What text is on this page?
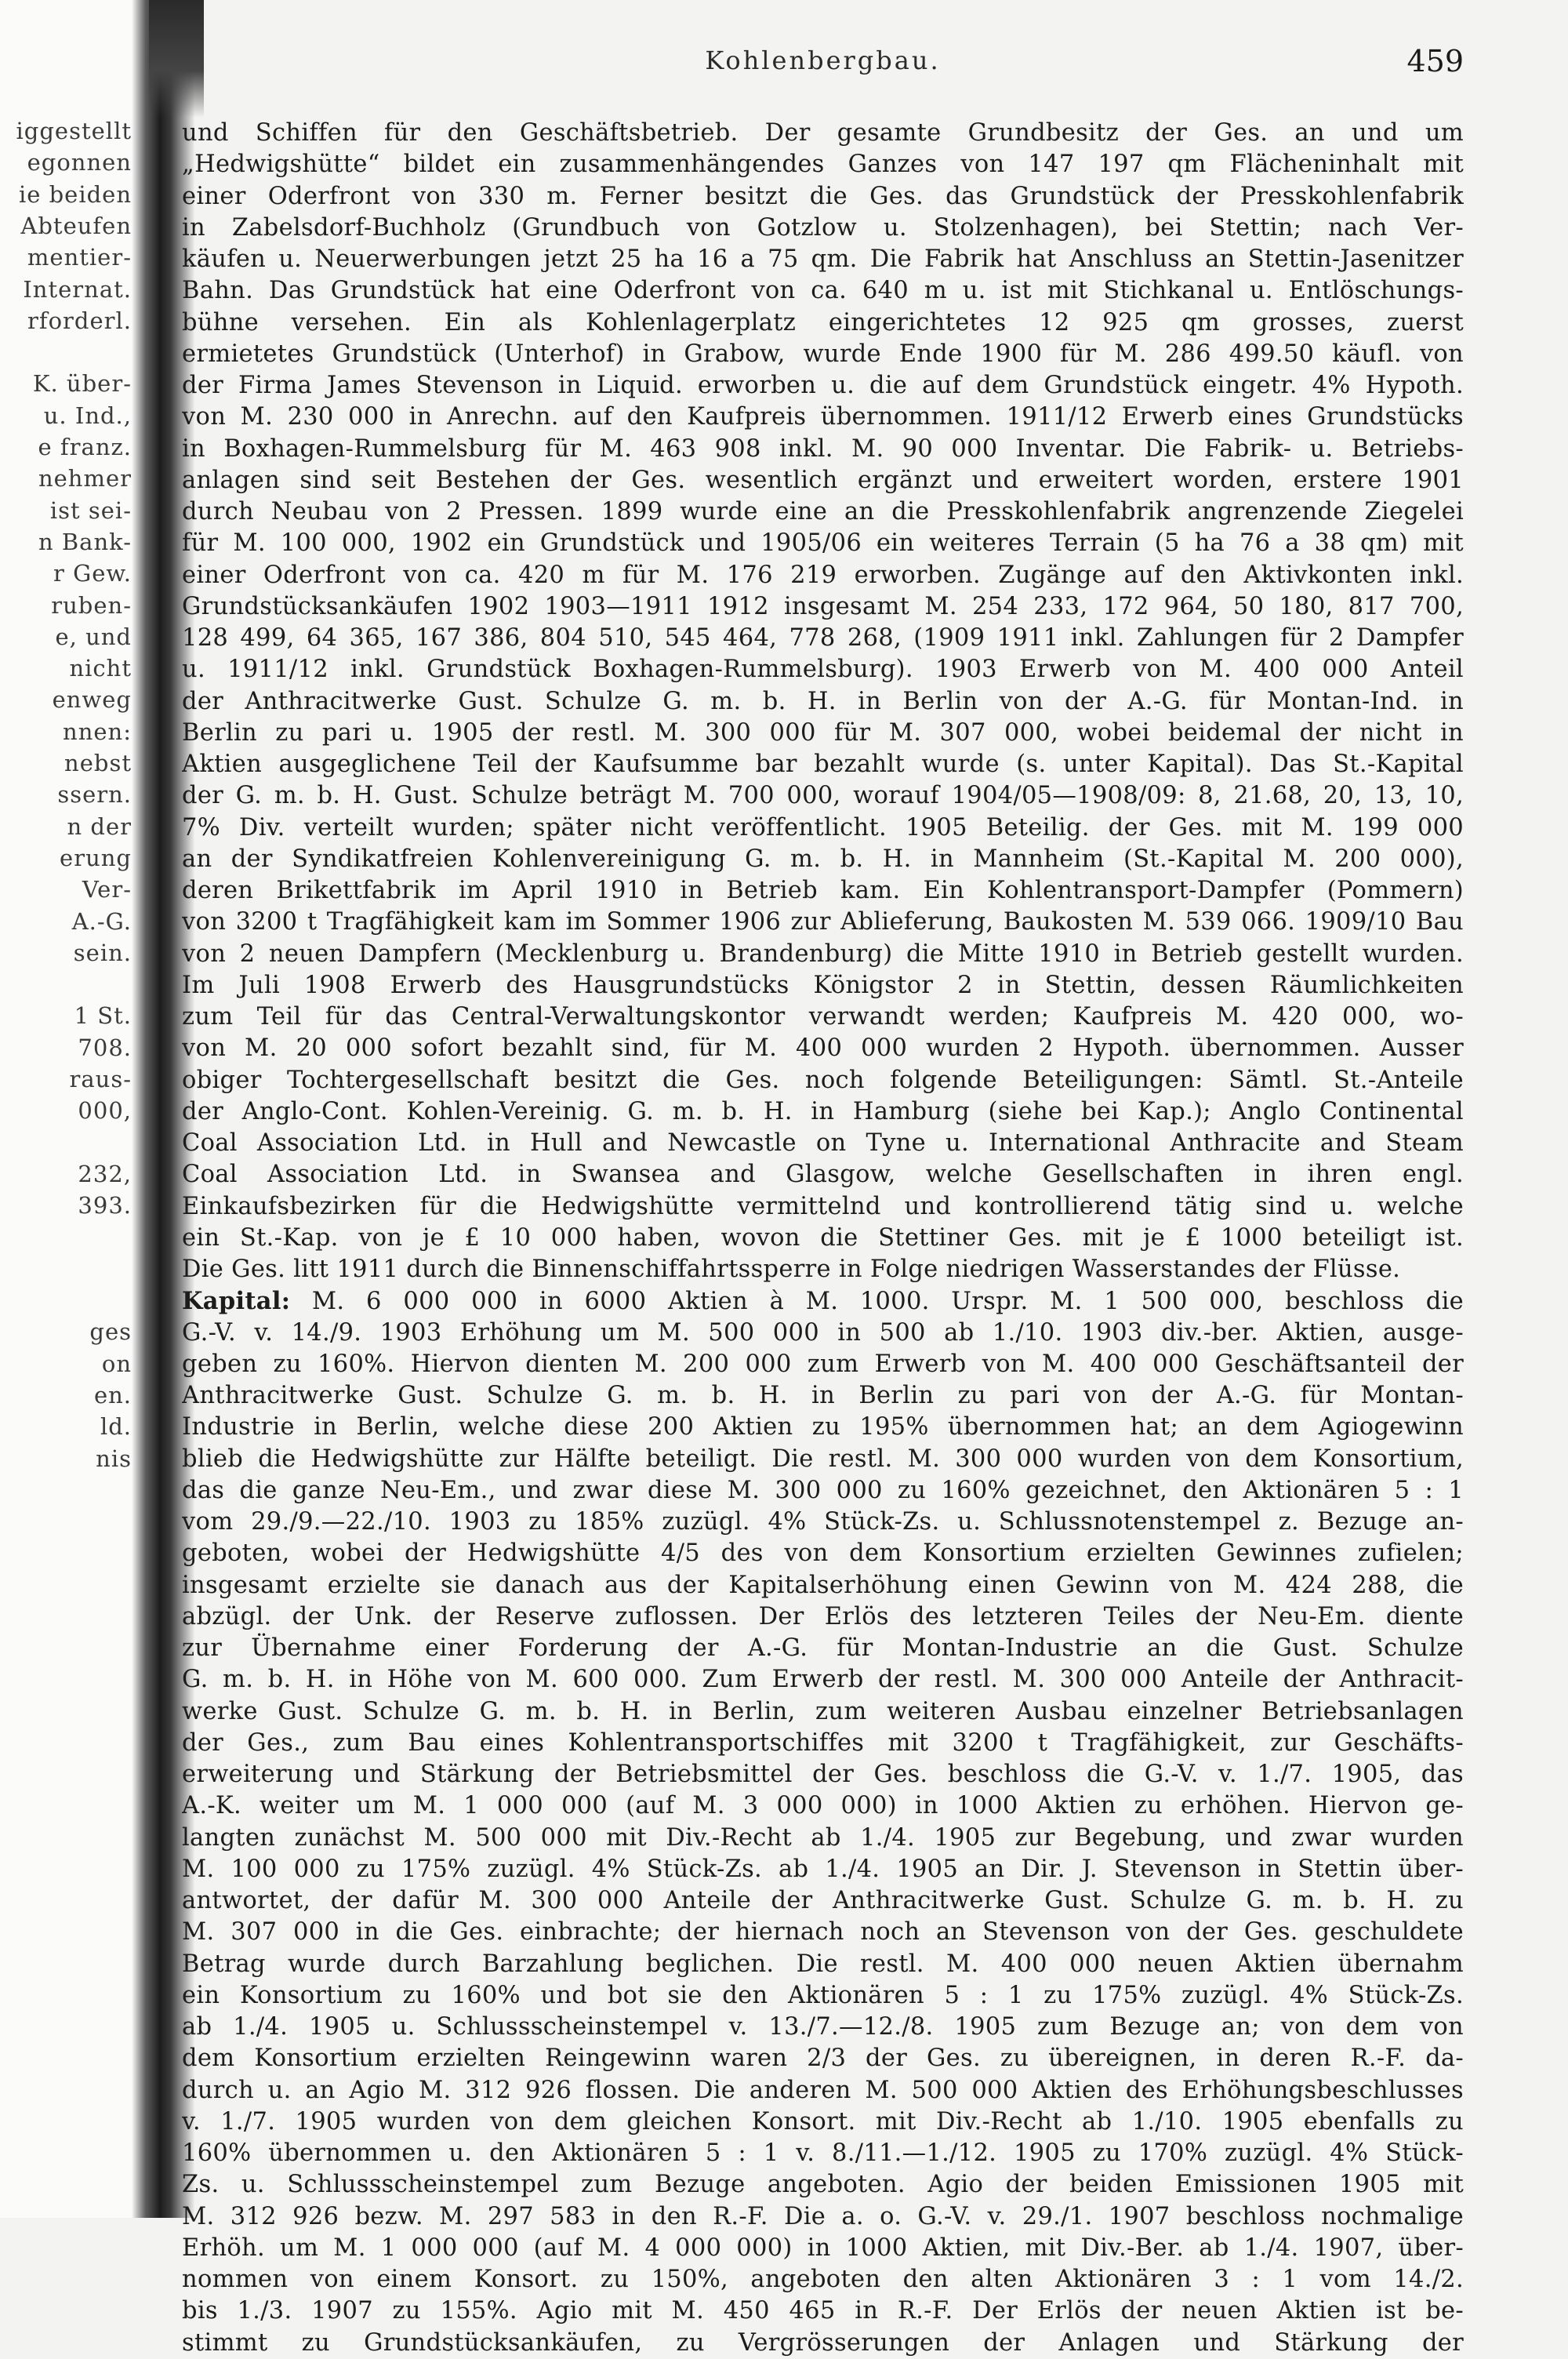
iggestellt
egonnen
ie beiden
Abteufen
mentier-
Internat.
rforderl.
K. über-
u. Ind.,
e franz.
nehmer
ist sei-
n Bank-
r Gew.
ruben-
e, und
nicht
enweg
nnen:
nebst
ssern.
n der
erung
Ver-
A.-G.
sein.
1 St.
708.
raus-
000,
232,
393.
ges
on
en.
ld.
nis
Kohlenbergbau.	459
und Schiffen für den Geschäftsbetrieb. Der gesamte Grundbesitz der Ges. an und um
„Hedwigshütte“ bildet ein zusammenhängendes Ganzes von 147 197 qm Flächeninhalt mit
einer Oderfront von 330 m. Ferner besitzt die Ges. das Grundstück der Presskohlenfabrik
in Zabelsdorf-Buchholz (Grundbuch von Gotzlow u. Stolzenhagen), bei Stettin; nach Ver-
käufen u. Neuerwerbungen jetzt 25 ha 16 a 75 qm. Die Fabrik hat Anschluss an Stettin-Jasenitzer
Bahn. Das Grundstück hat eine Oderfront von ca. 640 m u. ist mit Stichkanal u. Entlöschungs-
bühne versehen. Ein als Kohlenlagerplatz eingerichtetes 12 925 qm grosses, zuerst
ermietetes Grundstück (Unterhof) in Grabow, wurde Ende 1900 für M. 286 499.50 käufl. von
der Firma James Stevenson in Liquid. erworben u. die auf dem Grundstück eingetr. 4% Hypoth.
von M. 230 000 in Anrechn. auf den Kaufpreis übernommen. 1911/12 Erwerb eines Grundstücks
in Boxhagen-Rummelsburg für M. 463 908 inkl. M. 90 000 Inventar. Die Fabrik- u. Betriebs-
anlagen sind seit Bestehen der Ges. wesentlich ergänzt und erweitert worden, erstere 1901
durch Neubau von 2 Pressen. 1899 wurde eine an die Presskohlenfabrik angrenzende Ziegelei
für M. 100 000, 1902 ein Grundstück und 1905/06 ein weiteres Terrain (5 ha 76 a 38 qm) mit
einer Oderfront von ca. 420 m für M. 176 219 erworben. Zugänge auf den Aktivkonten inkl.
Grundstücksankäufen 1902 1903—1911 1912 insgesamt M. 254 233, 172 964, 50 180, 817 700,
128 499, 64 365, 167 386, 804 510, 545 464, 778 268, (1909 1911 inkl. Zahlungen für 2 Dampfer
u. 1911/12 inkl. Grundstück Boxhagen-Rummelsburg). 1903 Erwerb von M. 400 000 Anteil
der Anthracitwerke Gust. Schulze G. m. b. H. in Berlin von der A.-G. für Montan-Ind. in
Berlin zu pari u. 1905 der restl. M. 300 000 für M. 307 000, wobei beidemal der nicht in
Aktien ausgeglichene Teil der Kaufsumme bar bezahlt wurde (s. unter Kapital). Das St.-Kapital
der G. m. b. H. Gust. Schulze beträgt M. 700 000, worauf 1904/05—1908/09: 8, 21.68, 20, 13, 10,
7% Div. verteilt wurden; später nicht veröffentlicht. 1905 Beteilig. der Ges. mit M. 199 000
an der Syndikatfreien Kohlenvereinigung G. m. b. H. in Mannheim (St.-Kapital M. 200 000),
deren Brikettfabrik im April 1910 in Betrieb kam. Ein Kohlentransport-Dampfer (Pommern)
von 3200 t Tragfähigkeit kam im Sommer 1906 zur Ablieferung, Baukosten M. 539 066. 1909/10 Bau
von 2 neuen Dampfern (Mecklenburg u. Brandenburg) die Mitte 1910 in Betrieb gestellt wurden.
Im Juli 1908 Erwerb des Hausgrundstücks Königstor 2 in Stettin, dessen Räumlichkeiten
zum Teil für das Central-Verwaltungskontor verwandt werden; Kaufpreis M. 420 000, wo-
von M. 20 000 sofort bezahlt sind, für M. 400 000 wurden 2 Hypoth. übernommen. Ausser
obiger Tochtergesellschaft besitzt die Ges. noch folgende Beteiligungen: Sämtl. St.-Anteile
der Anglo-Cont. Kohlen-Vereinig. G. m. b. H. in Hamburg (siehe bei Kap.); Anglo Continental
Coal Association Ltd. in Hull and Newcastle on Tyne u. International Anthracite and Steam
Coal Association Ltd. in Swansea and Glasgow, welche Gesellschaften in ihren engl.
Einkaufsbezirken für die Hedwigshütte vermittelnd und kontrollierend tätig sind u. welche
ein St.-Kap. von je £ 10 000 haben, wovon die Stettiner Ges. mit je £ 1000 beteiligt ist.
Die Ges. litt 1911 durch die Binnenschiffahrtssperre in Folge niedrigen Wasserstandes der Flüsse.
Kapital: M. 6 000 000 in 6000 Aktien à M. 1000. Urspr. M. 1 500 000, beschloss die
G.-V. v. 14./9. 1903 Erhöhung um M. 500 000 in 500 ab 1./10. 1903 div.-ber. Aktien, ausge-
geben zu 160%. Hiervon dienten M. 200 000 zum Erwerb von M. 400 000 Geschäftsanteil der
Anthracitwerke Gust. Schulze G. m. b. H. in Berlin zu pari von der A.-G. für Montan-
Industrie in Berlin, welche diese 200 Aktien zu 195% übernommen hat; an dem Agiogewinn
blieb die Hedwigshütte zur Hälfte beteiligt. Die restl. M. 300 000 wurden von dem Konsortium,
das die ganze Neu-Em., und zwar diese M. 300 000 zu 160% gezeichnet, den Aktionären 5 : 1
vom 29./9.—22./10. 1903 zu 185% zuzügl. 4% Stück-Zs. u. Schlussnotenstempel z. Bezuge an-
geboten, wobei der Hedwigshütte 4/5 des von dem Konsortium erzielten Gewinnes zufielen;
insgesamt erzielte sie danach aus der Kapitalserhöhung einen Gewinn von M. 424 288, die
abzügl. der Unk. der Reserve zuflossen. Der Erlös des letzteren Teiles der Neu-Em. diente
zur Übernahme einer Forderung der A.-G. für Montan-Industrie an die Gust. Schulze
G. m. b. H. in Höhe von M. 600 000. Zum Erwerb der restl. M. 300 000 Anteile der Anthracit-
werke Gust. Schulze G. m. b. H. in Berlin, zum weiteren Ausbau einzelner Betriebsanlagen
der Ges., zum Bau eines Kohlentransportschiffes mit 3200 t Tragfähigkeit, zur Geschäfts-
erweiterung und Stärkung der Betriebsmittel der Ges. beschloss die G.-V. v. 1./7. 1905, das
A.-K. weiter um M. 1 000 000 (auf M. 3 000 000) in 1000 Aktien zu erhöhen. Hiervon ge-
langten zunächst M. 500 000 mit Div.-Recht ab 1./4. 1905 zur Begebung, und zwar wurden
M. 100 000 zu 175% zuzügl. 4% Stück-Zs. ab 1./4. 1905 an Dir. J. Stevenson in Stettin über-
antwortet, der dafür M. 300 000 Anteile der Anthracitwerke Gust. Schulze G. m. b. H. zu
M. 307 000 in die Ges. einbrachte; der hiernach noch an Stevenson von der Ges. geschuldete
Betrag wurde durch Barzahlung beglichen. Die restl. M. 400 000 neuen Aktien übernahm
ein Konsortium zu 160% und bot sie den Aktionären 5 : 1 zu 175% zuzügl. 4% Stück-Zs.
ab 1./4. 1905 u. Schlussscheinstempel v. 13./7.—12./8. 1905 zum Bezuge an; von dem von
dem Konsortium erzielten Reingewinn waren 2/3 der Ges. zu übereignen, in deren R.-F. da-
durch u. an Agio M. 312 926 flossen. Die anderen M. 500 000 Aktien des Erhöhungsbeschlusses
v. 1./7. 1905 wurden von dem gleichen Konsort. mit Div.-Recht ab 1./10. 1905 ebenfalls zu
160% übernommen u. den Aktionären 5 : 1 v. 8./11.—1./12. 1905 zu 170% zuzügl. 4% Stück-
Zs. u. Schlussscheinstempel zum Bezuge angeboten. Agio der beiden Emissionen 1905 mit
M. 312 926 bezw. M. 297 583 in den R.-F. Die a. o. G.-V. v. 29./1. 1907 beschloss nochmalige
Erhöh. um M. 1 000 000 (auf M. 4 000 000) in 1000 Aktien, mit Div.-Ber. ab 1./4. 1907, über-
nommen von einem Konsort. zu 150%, angeboten den alten Aktionären 3 : 1 vom 14./2.
bis 1./3. 1907 zu 155%. Agio mit M. 450 465 in R.-F. Der Erlös der neuen Aktien ist be-
stimmt zu Grundstücksankäufen, zu Vergrösserungen der Anlagen und Stärkung der
